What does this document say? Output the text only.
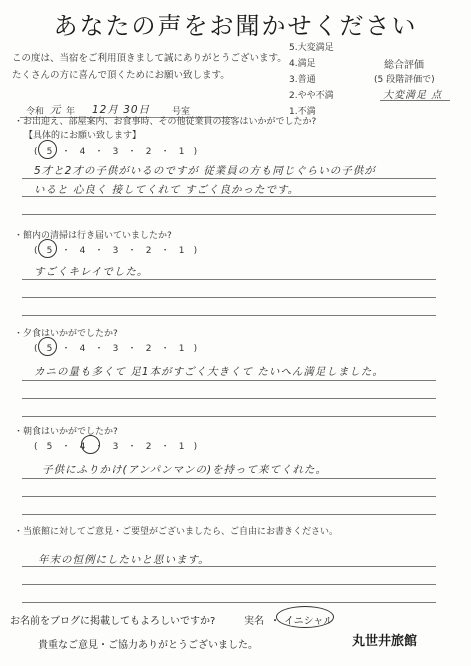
あなたの声をお聞かせください
この度は、当宿をご利用頂きまして誠にありがとうございます。
たくさんの方に喜んで頂くためにお願い致します。
5.大変満足
4.満足
3.普通
2.やや不満
1.不満
総合評価
(5 段階評価で)
大変満足 点
令和 元 年 12月 30日 号室
・お出迎え、部屋案内、お食事時、その他従業員の接客はいかがでしたか?
【具体的にお願い致します】
( 5 ・ 4 ・ 3 ・ 2 ・ 1 )
5才と2才の子供がいるのですが 従業員の方も同じぐらいの子供が
いると 心良く 接してくれて すごく良かったです。
・館内の清掃は行き届いていましたか?
( 5 ・ 4 ・ 3 ・ 2 ・ 1 )
すごくキレイでした。
・夕食はいかがでしたか?
( 5 ・ 4 ・ 3 ・ 2 ・ 1 )
カニの量も多くて 足1本がすごく大きくて たいへん満足しました。
・朝食はいかがでしたか?
( 5 ・ 4 ・ 3 ・ 2 ・ 1 )
子供にふりかけ(アンパンマンの)を持って来てくれた。
・当旅館に対してご意見・ご要望がございましたら、ご自由にお書きください。
年末の恒例にしたいと思います。
お名前をブログに掲載してもよろしいですか?	実名 ・ イニシャル
貴重なご意見・ご協力ありがとうございました。	丸世井旅館
